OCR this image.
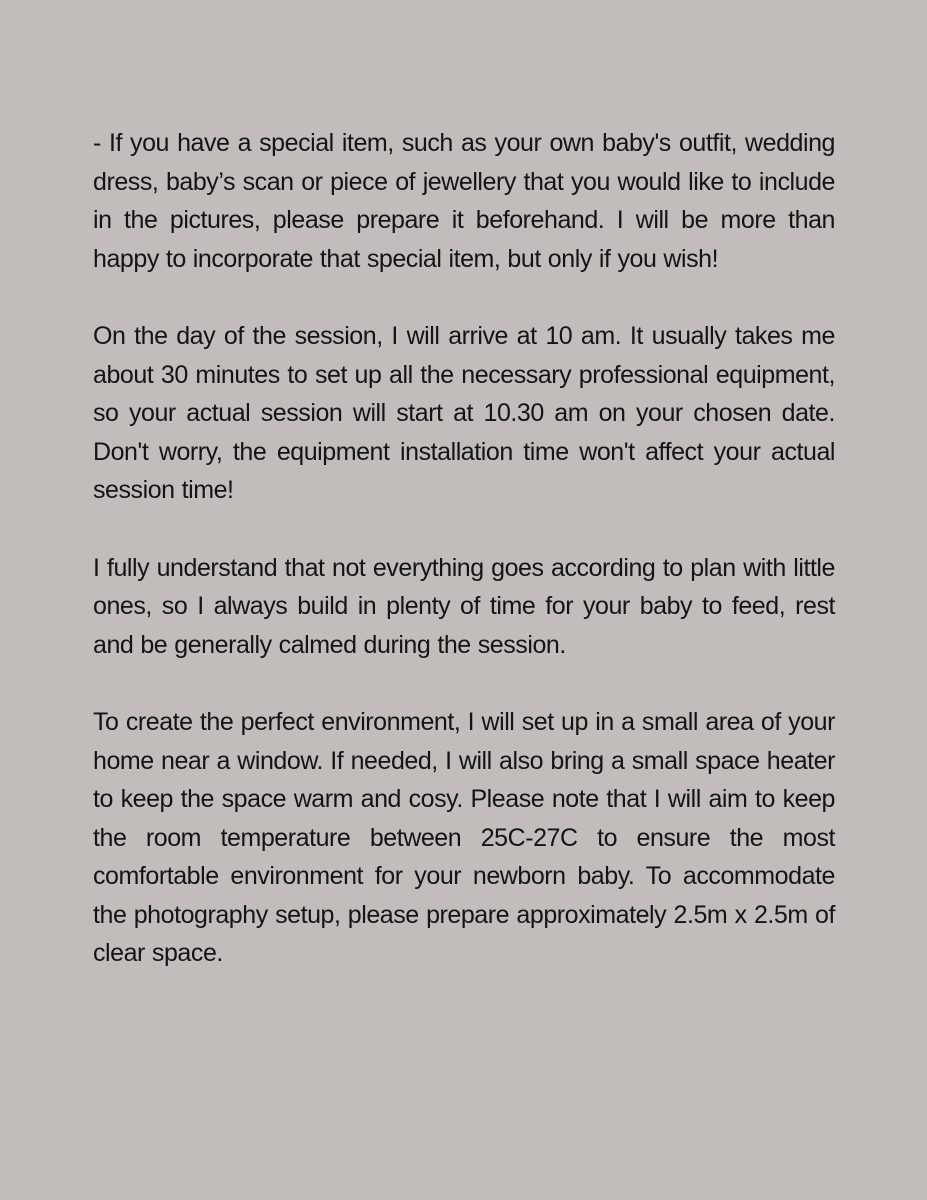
- If you have a special item, such as your own baby's outfit, wedding dress, baby’s scan or piece of jewellery that you would like to include in the pictures, please prepare it beforehand. I will be more than happy to incorporate that special item, but only if you wish!

On the day of the session, I will arrive at 10 am. It usually takes me about 30 minutes to set up all the necessary professional equipment, so your actual session will start at 10.30 am on your chosen date. Don't worry, the equipment installation time won't affect your actual session time!

I fully understand that not everything goes according to plan with little ones, so I always build in plenty of time for your baby to feed, rest and be generally calmed during the session.

To create the perfect environment, I will set up in a small area of your home near a window. If needed, I will also bring a small space heater to keep the space warm and cosy. Please note that I will aim to keep the room temperature between 25C-27C to ensure the most comfortable environment for your newborn baby. To accommodate the photography setup, please prepare approximately 2.5m x 2.5m of clear space.
